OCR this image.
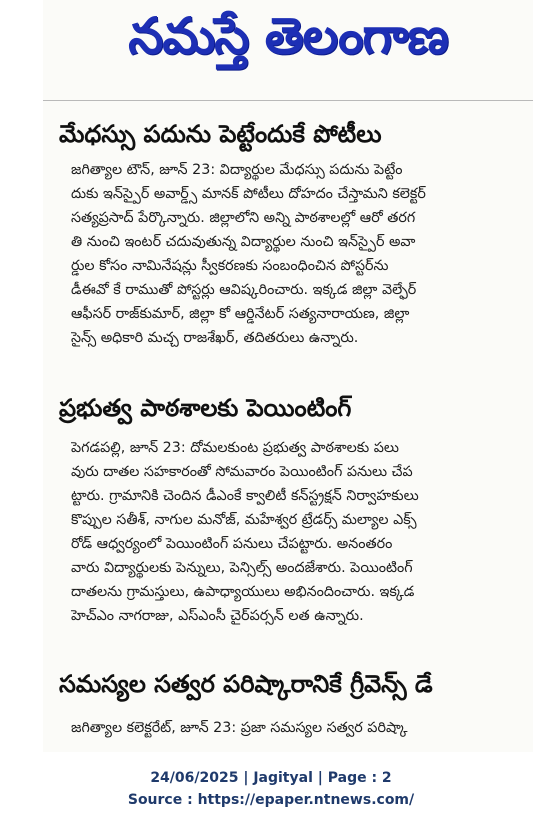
నమస్తే తెలంగాణ
మేధస్సు పదును పెట్టేందుకే పోటీలు
జగిత్యాల టౌన్, జూన్ 23: విద్యార్థుల మేధస్సు పదును పెట్టేం
దుకు ఇన్‌స్పైర్ అవార్డ్స్ మానక్ పోటీలు దోహదం చేస్తామని కలెక్టర్
సత్యప్రసాద్ పేర్కొన్నారు. జిల్లాలోని అన్ని పాఠశాలల్లో ఆరో తరగ
తి నుంచి ఇంటర్ చదువుతున్న విద్యార్థుల నుంచి ఇన్‌స్పైర్ అవా
ర్డుల కోసం నామినేషన్లు స్వీకరణకు సంబంధించిన పోస్టర్‌ను
డీఈవో కే రాముతో పోస్టర్లు ఆవిష్కరించారు. ఇక్కడ జిల్లా వెల్ఫేర్
ఆఫీసర్ రాజ్‌కుమార్, జిల్లా కో ఆర్డినేటర్ సత్యనారాయణ, జిల్లా
సైన్స్ అధికారి మచ్చ రాజశేఖర్, తదితరులు ఉన్నారు.
ప్రభుత్వ పాఠశాలకు పెయింటింగ్
పెగడపల్లి, జూన్ 23: దోమలకుంట ప్రభుత్వ పాఠశాలకు పలు
వురు దాతల సహకారంతో సోమవారం పెయింటింగ్ పనులు చేప
ట్టారు. గ్రామానికి చెందిన డీఎంకే క్వాలిటీ కన్‌స్ట్రక్షన్ నిర్వాహకులు
కొప్పుల సతీశ్, నాగుల మనోజ్, మహేశ్వర ట్రేడర్స్ మల్యాల ఎక్స్
రోడ్ ఆధ్వర్యంలో పెయింటింగ్ పనులు చేపట్టారు. అనంతరం
వారు విద్యార్థులకు పెన్నులు, పెన్సిల్స్ అందజేశారు. పెయింటింగ్
దాతలను గ్రామస్తులు, ఉపాధ్యాయులు అభినందించారు. ఇక్కడ
హెచ్‌ఎం నాగరాజు, ఎస్‌ఎంసీ చైర్‌పర్సన్ లత ఉన్నారు.
సమస్యల సత్వర పరిష్కారానికే గ్రీవెన్స్ డే
జగిత్యాల కలెక్టరేట్, జూన్ 23: ప్రజా సమస్యల సత్వర పరిష్కా
24/06/2025 | Jagityal | Page : 2
Source : https://epaper.ntnews.com/
